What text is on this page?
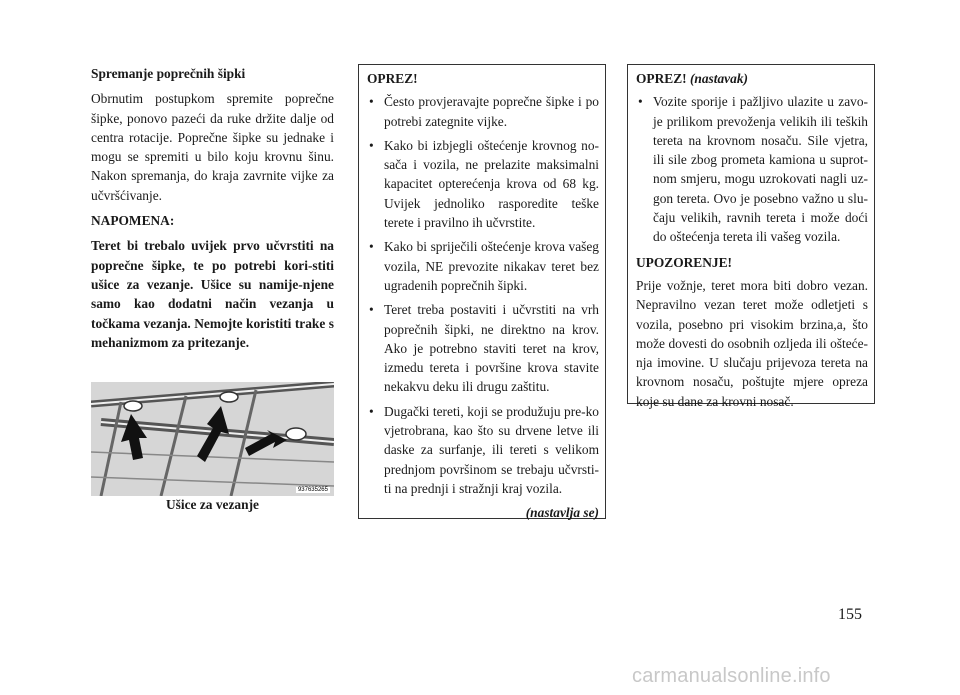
Spremanje poprečnih šipki

Obrnutim postupkom spremite poprečne šipke, ponovo pazeći da ruke držite dalje od centra rotacije. Poprečne šipke su jednake i mogu se spremiti u bilo koju krovnu šinu. Nakon spremanja, do kraja zavrnite vijke za učvršćivanje.

NAPOMENA:

Teret bi trebalo uvijek prvo učvrstiti na poprečne šipke, te po potrebi kori-stiti ušice za vezanje. Ušice su namije-njene samo kao dodatni način vezanja u točkama vezanja. Nemojte koristiti trake s mehanizmom za pritezanje.

937635265
Ušice za vezanje
OPREZ!
• Često provjeravajte poprečne šipke i po potrebi zategnite vijke.
• Kako bi izbjegli oštećenje krovnog no-sača i vozila, ne prelazite maksimalni kapacitet opterećenja krova od 68 kg. Uvijek jednoliko rasporedite teške terete i pravilno ih učvrstite.
• Kako bi spriječili oštećenje krova vašeg vozila, NE prevozite nikakav teret bez ugradenih poprečnih šipki.
• Teret treba postaviti i učvrstiti na vrh poprečnih šipki, ne direktno na krov. Ako je potrebno staviti teret na krov, izmedu tereta i površine krova stavite nekakvu deku ili drugu zaštitu.
• Dugački tereti, koji se produžuju pre-ko vjetrobrana, kao što su drvene letve ili daske za surfanje, ili tereti s velikom prednjom površinom se trebaju učvrsti-ti na prednji i stražnji kraj vozila.
(nastavlja se)
OPREZ! (nastavak)
• Vozite sporije i pažljivo ulazite u zavo-je prilikom prevoženja velikih ili teških tereta na krovnom nosaču. Sile vjetra, ili sile zbog prometa kamiona u suprot-nom smjeru, mogu uzrokovati nagli uz-gon tereta. Ovo je posebno važno u slu-čaju velikih, ravnih tereta i može doći do oštećenja tereta ili vašeg vozila.
UPOZORENJE!

Prije vožnje, teret mora biti dobro vezan. Nepravilno vezan teret može odletjeti s vozila, posebno pri visokim brzina,a, što može dovesti do osobnih ozljeda ili oštеće-nja imovine. U slučaju prijevoza tereta na krovnom nosaču, poštujte mjere opreza koje su dane za krovni nosač.

155
carmanualsonline.info
